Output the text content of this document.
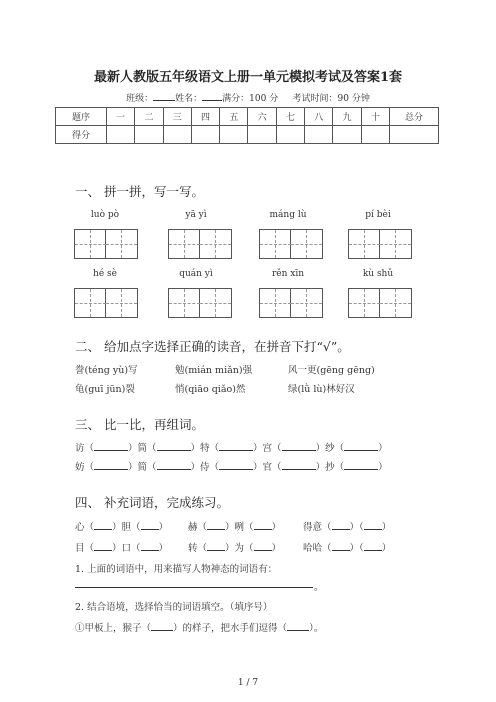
最新人教版五年级语文上册一单元模拟考试及答案1套
班级： 姓名： 满分：100 分 考试时间：90 分钟
题序	一	二	三	四	五	六	七	八	九	十	总分
得分											
一、 拼一拼，写一写。
luò pò	yā yì	máng lù	pí bèi
hé sè	quán yì	rěn xīn	kù shǔ
二、 给加点字选择正确的读音，在拼音下打“√”。
誊(téng yù)写	勉(mián miǎn)强	风一更(gēng gēng)
龟(guī jūn)裂	悄(qiāo qiǎo)然	绿(lǜ lù)林好汉
三、 比一比，再组词。
访（	）筒（	）特（	）宫（	）纱（	）
妨（	）简（	）侍（	）官（	）抄（	）
四、 补充词语，完成练习。
心（ ）胆（ ） 赫（ ）咧（ ） 得意（ ）（ ）
目（ ）口（ ） 转（ ）为（ ） 哈哈（ ）（ ）
1. 上面的词语中，用来描写人物神态的词语有：
。
2. 结合语境，选择恰当的词语填空。（填序号）
①甲板上，猴子（ ）的样子，把水手们逗得（ ）。
1 / 7
